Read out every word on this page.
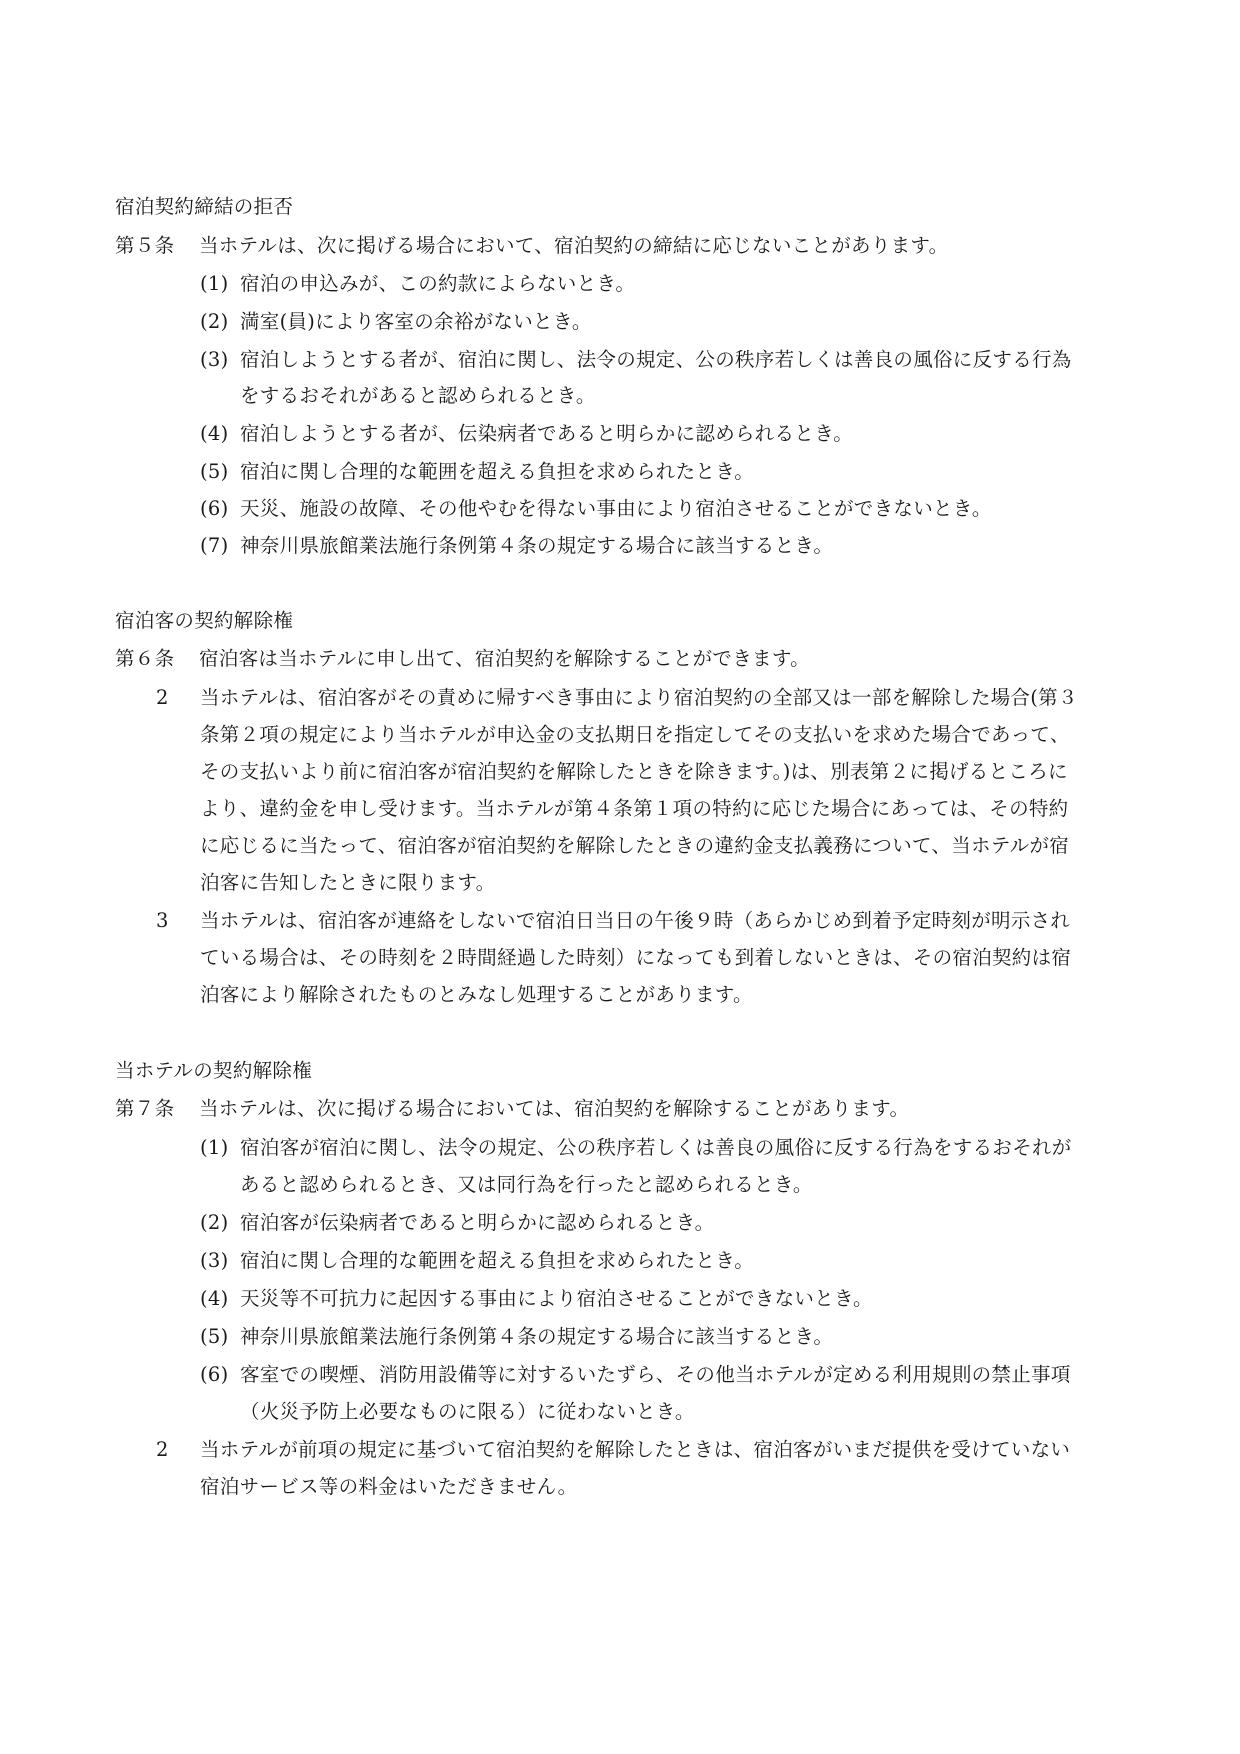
宿泊契約締結の拒否
第５条 当ホテルは、次に掲げる場合において、宿泊契約の締結に応じないことがあります。
(1) 宿泊の申込みが、この約款によらないとき。
(2) 満室(員)により客室の余裕がないとき。
(3) 宿泊しようとする者が、宿泊に関し、法令の規定、公の秩序若しくは善良の風俗に反する行為
をするおそれがあると認められるとき。
(4) 宿泊しようとする者が、伝染病者であると明らかに認められるとき。
(5) 宿泊に関し合理的な範囲を超える負担を求められたとき。
(6) 天災、施設の故障、その他やむを得ない事由により宿泊させることができないとき。
(7) 神奈川県旅館業法施行条例第４条の規定する場合に該当するとき。
宿泊客の契約解除権
第６条 宿泊客は当ホテルに申し出て、宿泊契約を解除することができます。
2 当ホテルは、宿泊客がその責めに帰すべき事由により宿泊契約の全部又は一部を解除した場合(第３
条第２項の規定により当ホテルが申込金の支払期日を指定してその支払いを求めた場合であって、
その支払いより前に宿泊客が宿泊契約を解除したときを除きます。)は、別表第２に掲げるところに
より、違約金を申し受けます。当ホテルが第４条第１項の特約に応じた場合にあっては、その特約
に応じるに当たって、宿泊客が宿泊契約を解除したときの違約金支払義務について、当ホテルが宿
泊客に告知したときに限ります。
3 当ホテルは、宿泊客が連絡をしないで宿泊日当日の午後９時（あらかじめ到着予定時刻が明示され
ている場合は、その時刻を２時間経過した時刻）になっても到着しないときは、その宿泊契約は宿
泊客により解除されたものとみなし処理することがあります。
当ホテルの契約解除権
第７条 当ホテルは、次に掲げる場合においては、宿泊契約を解除することがあります。
(1) 宿泊客が宿泊に関し、法令の規定、公の秩序若しくは善良の風俗に反する行為をするおそれが
あると認められるとき、又は同行為を行ったと認められるとき。
(2) 宿泊客が伝染病者であると明らかに認められるとき。
(3) 宿泊に関し合理的な範囲を超える負担を求められたとき。
(4) 天災等不可抗力に起因する事由により宿泊させることができないとき。
(5) 神奈川県旅館業法施行条例第４条の規定する場合に該当するとき。
(6) 客室での喫煙、消防用設備等に対するいたずら、その他当ホテルが定める利用規則の禁止事項
（火災予防上必要なものに限る）に従わないとき。
2 当ホテルが前項の規定に基づいて宿泊契約を解除したときは、宿泊客がいまだ提供を受けていない
宿泊サービス等の料金はいただきません。
